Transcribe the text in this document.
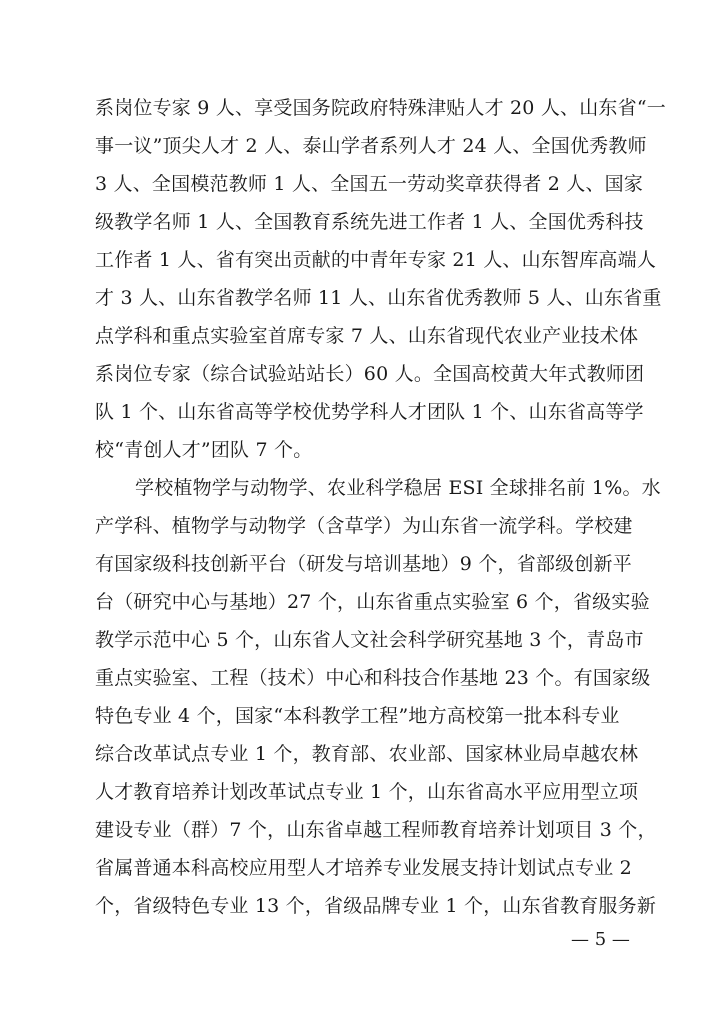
系岗位专家 9 人、享受国务院政府特殊津贴人才 20 人、山东省“一
事一议”顶尖人才 2 人、泰山学者系列人才 24 人、全国优秀教师
3 人、全国模范教师 1 人、全国五一劳动奖章获得者 2 人、国家
级教学名师 1 人、全国教育系统先进工作者 1 人、全国优秀科技
工作者 1 人、省有突出贡献的中青年专家 21 人、山东智库高端人
才 3 人、山东省教学名师 11 人、山东省优秀教师 5 人、山东省重
点学科和重点实验室首席专家 7 人、山东省现代农业产业技术体
系岗位专家（综合试验站站长）60 人。全国高校黄大年式教师团
队 1 个、山东省高等学校优势学科人才团队 1 个、山东省高等学
校“青创人才”团队 7 个。
学校植物学与动物学、农业科学稳居 ESI 全球排名前 1%。水
产学科、植物学与动物学（含草学）为山东省一流学科。学校建
有国家级科技创新平台（研发与培训基地）9 个，省部级创新平
台（研究中心与基地）27 个，山东省重点实验室 6 个，省级实验
教学示范中心 5 个，山东省人文社会科学研究基地 3 个，青岛市
重点实验室、工程（技术）中心和科技合作基地 23 个。有国家级
特色专业 4 个，国家“本科教学工程”地方高校第一批本科专业
综合改革试点专业 1 个，教育部、农业部、国家林业局卓越农林
人才教育培养计划改革试点专业 1 个，山东省高水平应用型立项
建设专业（群）7 个，山东省卓越工程师教育培养计划项目 3 个，
省属普通本科高校应用型人才培养专业发展支持计划试点专业 2
个，省级特色专业 13 个，省级品牌专业 1 个，山东省教育服务新
— 5 —
